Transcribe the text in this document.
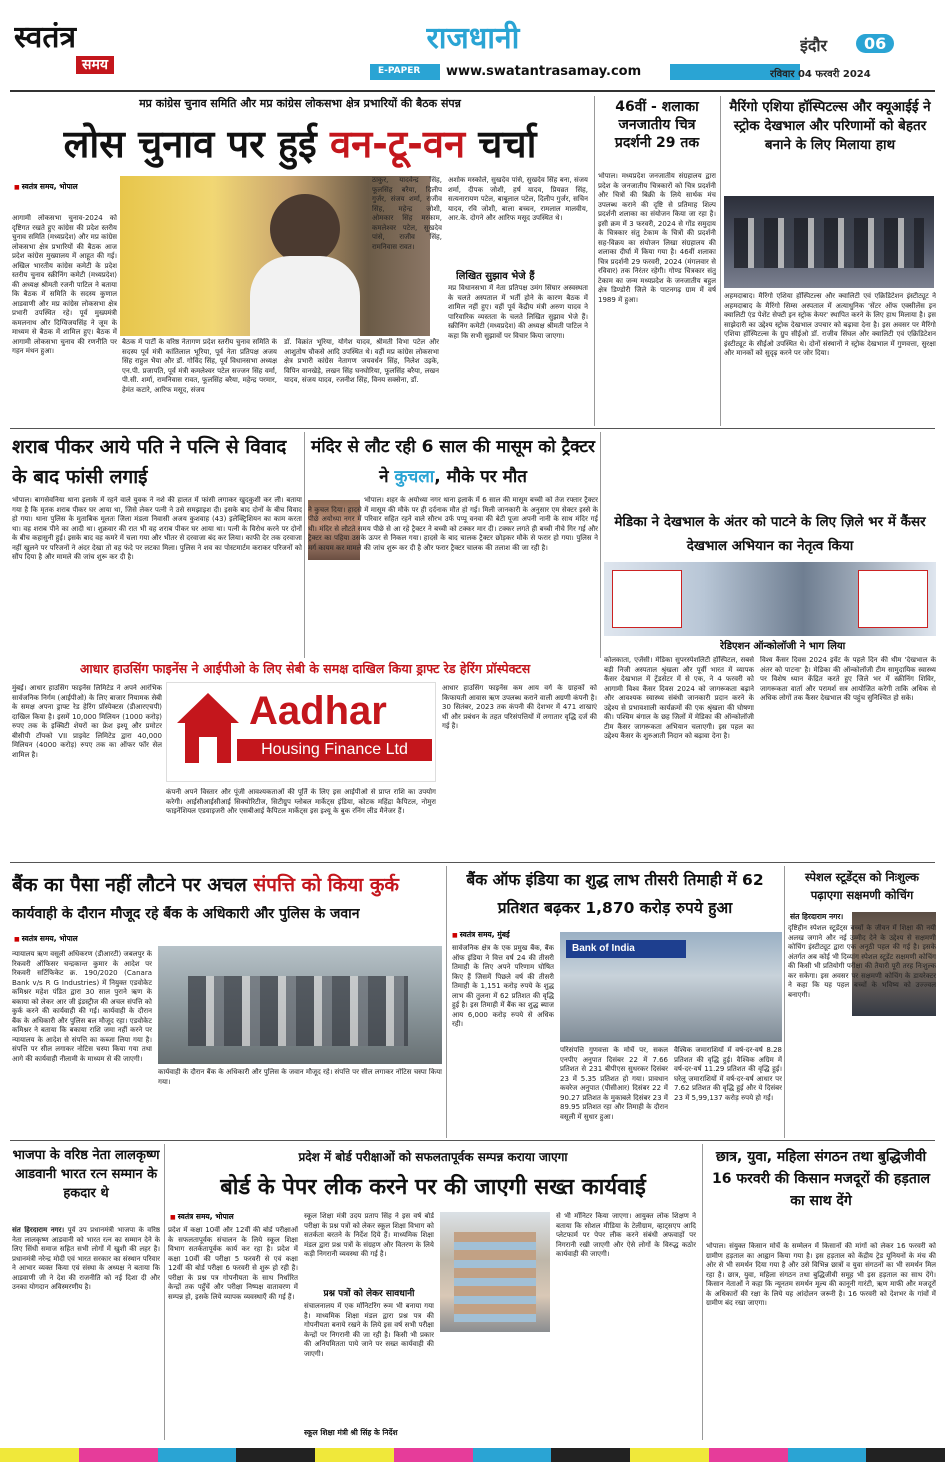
स्वतंत्र
समय
राजधानी
E-PAPER	www.swatantrasamay.com
इंदौर	06
रविवार 04 फरवरी 2024
मप्र कांग्रेस चुनाव समिति और मप्र कांग्रेस लोकसभा क्षेत्र प्रभारियों की बैठक संपन्न
लोस चुनाव पर हुई वन-टू-वन चर्चा
■ स्वतंत्र समय, भोपाल
आगामी लोकसभा चुनाव-2024 को दृष्टिगत रखते हुए कांग्रेस की प्रदेश स्तरीय चुनाव समिति (मध्यप्रदेश) और मप्र कांग्रेस लोकसभा क्षेत्र प्रभारियों की बैठक आज प्रदेश कांग्रेस मुख्यालय में आहूत की गई। अखिल भारतीय कांग्रेस कमेटी के प्रदेश स्तरीय चुनाव स्क्रीनिंग कमेटी (मध्यप्रदेश) की अध्यक्ष श्रीमती रजनी पाटिल ने बताया कि बैठक में समिति के सदस्य कुणाल आडवाणी और मप्र कांग्रेस लोकसभा क्षेत्र प्रभारी उपस्थित रहे। पूर्व मुख्यमंत्री कमलनाथ और दिग्विजयसिंह ने जूम के माध्यम से बैठक में शामिल हुए। बैठक में आगामी लोकसभा चुनाव की रणनीति पर गहन मंथन हुआ।
ठाकुर, यादवेन्द्र सिंह, फूलसिंह बरैया, दिलीप गुर्जर, संजय शर्मा, राजीव सिंह, महेन्द्र जोशी, ओमकार सिंह मरकाम, कमलेश्वर पटेल, सुखदेव पांसे, राजीव सिंह, रामनिवास रावत।
बैठक में पार्टी के वरिष्ठ नेतागण प्रदेश स्तरीय चुनाव समिति के सदस्य पूर्व मंत्री कांतिलाल भूरिया, पूर्व नेता प्रतिपक्ष अजय सिंह राहुल भैया और डॉ. गोविंद सिंह, पूर्व विधानसभा अध्यक्ष एन.पी. प्रजापति, पूर्व मंत्री कमलेश्वर पटेल सज्जन सिंह वर्मा, पी.सी. शर्मा, रामनिवास रावत, फूलसिंह बरैया, महेन्द्र परमार, हेमंत कटारे, आरिफ मसूद, संजय
डॉ. विक्रांत भूरिया, योगेश यादव, श्रीमती विभा पटेल और आशुतोष चौकसे आदि उपस्थित थे। वहीं मप्र कांग्रेस लोकसभा क्षेत्र प्रभारी कांग्रेस नेतागण जयवर्धन सिंह, निलेश उइके, विपिन वानखेड़े, लखन सिंह घनघोरिया, फूलसिंह बरैया, लखन यादव, संजय यादव, रजनीश सिंह, विनय सक्सेना, डॉ.
अशोक मस्कोले, सुखदेव पांसे, सुखदेव सिंह बना, संजय शर्मा, दीपक जोशी, हर्ष यादव, प्रियव्रत सिंह, सत्यनारायण पटेल, बाबूलाल पटेल, दिलीप गुर्जर, सचिन यादव, रवि जोशी, बाला बच्चन, रामलाल मालवीय, आर.के. दोगने और आरिफ मसूद उपस्थित थे।
लिखित सुझाव भेजे हैं
मप्र विधानसभा में नेता प्रतिपक्ष उमंग सिंघार अस्वस्थता के चलते अस्पताल में भर्ती होने के कारण बैठक में शामिल नहीं हुए। वहीं पूर्व केंद्रीय मंत्री अरुण यादव ने पारिवारिक व्यस्तता के चलते लिखित सुझाव भेजे हैं। स्क्रीनिंग कमेटी (मध्यप्रदेश) की अध्यक्ष श्रीमती पाटिल ने कहा कि सभी सुझावों पर विचार किया जाएगा।
46वीं - शलाका जनजातीय चित्र प्रदर्शनी 29 तक
भोपाल। मध्यप्रदेश जनजातीय संग्रहालय द्वारा प्रदेश के जनजातीय चित्रकारों को चित्र प्रदर्शनी और चित्रों की बिक्री के लिये सार्थक मंच उपलब्ध कराने की दृष्टि से प्रतिमाह शिल्प प्रदर्शनी शलाका का संयोजन किया जा रहा है। इसी क्रम में 3 फरवरी, 2024 से गोंड समुदाय के चित्रकार संतु टेकाम के चित्रों की प्रदर्शनी सह-विक्रय का संयोजन लिखा संग्रहालय की शलाका दीर्घा में किया गया है। 46वीं शलाका चित्र प्रदर्शनी 29 फरवरी, 2024 (मंगलवार से रविवार) तक निरंतर रहेगी। गोण्ड चित्रकार संतु टेकाम का जन्म मध्यप्रदेश के जनजातीय बहुल क्षेत्र डिण्डोरी जिले के पाटनगढ़ ग्राम में वर्ष 1989 में हुआ।
मैरिंगो एशिया हॉस्पिटल्स और क्यूआईई ने स्ट्रोक देखभाल और परिणामों को बेहतर बनाने के लिए मिलाया हाथ
अहमदाबाद। मैरिंगो एशिया हॉस्पिटल्स और क्वालिटी एवं एक्रिडिटेशन इंस्टीट्यूट ने अहमदाबाद के मैरिंगो सिम्स अस्पताल में अत्याधुनिक 'सेंटर ऑफ एक्सीलेंस इन क्वालिटी एंड पेशेंट सेफ्टी इन स्ट्रोक केयर' स्थापित करने के लिए हाथ मिलाया है। इस साझेदारी का उद्देश्य स्ट्रोक देखभाल उपचार को बढ़ावा देना है। इस अवसर पर मैरिंगो एशिया हॉस्पिटल्स के ग्रुप सीईओ डॉ. राजीव सिंघल और क्वालिटी एवं एक्रिडिटेशन इंस्टीट्यूट के सीईओ उपस्थित थे। दोनों संस्थानों ने स्ट्रोक देखभाल में गुणवत्ता, सुरक्षा और मानकों को सुदृढ़ करने पर जोर दिया।
शराब पीकर आये पति ने पत्नि से विवाद के बाद फांसी लगाई
भोपाल। बागसेवनिया थाना इलाके में रहने वाले युवक ने नशे की हालत में फांसी लगाकर खुदकुशी कर ली। बताया गया है कि मृतक शराब पीकर घर आया था, जिसे लेकर पत्नी ने उसे समझाइश दी। इसके बाद दोनों के बीच विवाद हो गया। थाना पुलिस के मुताबिक मूलतः जिला मंडला निवासी अजय कुशवाह (43) इलेक्ट्रिशियन का काम करता था। वह शराब पीने का आदी था। शुक्रवार की रात भी वह शराब पीकर घर आया था। पत्नी के विरोध करने पर दोनों के बीच कहासुनी हुई। इसके बाद वह कमरे में चला गया और भीतर से दरवाजा बंद कर लिया। काफी देर तक दरवाजा नहीं खुलने पर परिजनों ने अंदर देखा तो वह फंदे पर लटका मिला। पुलिस ने शव का पोस्टमार्टम कराकर परिजनों को सौंप दिया है और मामले की जांच शुरू कर दी है।
मंदिर से लौट रही 6 साल की मासूम को ट्रैक्टर ने कुचला, मौके पर मौत
भोपाल। शहर के अयोध्या नगर थाना इलाके में 6 साल की मासूम बच्ची को तेज रफ्तार ट्रैक्टर ने कुचल दिया। हादसे में मासूम की मौके पर ही दर्दनाक मौत हो गई। मिली जानकारी के अनुसार एम सेक्टर इस्से के पीछे अयोध्या नगर में परिवार सहित रहने वाले सौरभ उर्फ पप्पू वनवा की बेटी पूजा अपनी नानी के साथ मंदिर गई थी। मंदिर से लौटते समय पीछे से आ रहे ट्रैक्टर ने बच्ची को टक्कर मार दी। टक्कर लगते ही बच्ची नीचे गिर गई और ट्रैक्टर का पहिया उसके ऊपर से निकल गया। हादसे के बाद चालक ट्रैक्टर छोड़कर मौके से फरार हो गया। पुलिस ने मर्ग कायम कर मामले की जांच शुरू कर दी है और फरार ट्रैक्टर चालक की तलाश की जा रही है।
मेडिका ने देखभाल के अंतर को पाटने के लिए ज़िले भर में कैंसर देखभाल अभियान का नेतृत्व किया
रेडिएशन ऑन्कोलॉजी ने भाग लिया
कोलकाता, एजेंसी। मेडिका सुपरस्पेशलिटी हॉस्पिटल, सबसे बड़ी निजी अस्पताल श्रृंखला और पूर्वी भारत में व्यापक कैंसर देखभाल में ट्रेंडसेटर में से एक, ने 4 फरवरी को आगामी विश्व कैंसर दिवस 2024 को जागरूकता बढ़ाने और आवश्यक स्वास्थ्य संबंधी जानकारी प्रदान करने के उद्देश्य से प्रभावशाली कार्यक्रमों की एक श्रृंखला की घोषणा की। पश्चिम बंगाल के छह जिलों में मेडिका की ऑन्कोलॉजी टीम कैंसर जागरूकता अभियान चलाएगी। इस पहल का उद्देश्य कैंसर के शुरुआती निदान को बढ़ावा देना है।
विश्व कैंसर दिवस 2024 इवेंट के पहले दिन की थीम 'देखभाल के अंतर को पाटना' है। मेडिका की ऑन्कोलॉजी टीम सामुदायिक स्वास्थ्य पर विशेष ध्यान केंद्रित करते हुए जिले भर में स्क्रीनिंग शिविर, जागरूकता वार्ता और परामर्श सत्र आयोजित करेगी ताकि अधिक से अधिक लोगों तक कैंसर देखभाल की पहुंच सुनिश्चित हो सके।
आधार हाउसिंग फाइनेंस ने आईपीओ के लिए सेबी के समक्ष दाखिल किया ड्राफ्ट रेड हेरिंग प्रॉस्पेक्टस
मुंबई। आधार हाउसिंग फाइनेंस लिमिटेड ने अपने आरंभिक सार्वजनिक निर्गम (आईपीओ) के लिए बाजार नियामक सेबी के समक्ष अपना ड्राफ्ट रेड हेरिंग प्रॉस्पेक्टस (डीआरएचपी) दाखिल किया है। इसमें 10,000 मिलियन (1000 करोड़) रुपए तक के इक्विटी शेयरों का फ्रेश इश्यू और प्रमोटर बीसीपी टॉपको VII प्राइवेट लिमिटेड द्वारा 40,000 मिलियन (4000 करोड़) रुपए तक का ऑफर फॉर सेल शामिल है।
Aadhar
Housing Finance Ltd
कंपनी अपने विस्तार और पूंजी आवश्यकताओं की पूर्ति के लिए इस आईपीओ से प्राप्त राशि का उपयोग करेगी। आईसीआईसीआई सिक्योरिटीज, सिटीग्रुप ग्लोबल मार्केट्स इंडिया, कोटक महिंद्रा कैपिटल, नोमुरा फाइनेंशियल एडवाइजरी और एसबीआई कैपिटल मार्केट्स इस इश्यू के बुक रनिंग लीड मैनेजर हैं।
आधार हाउसिंग फाइनेंस कम आय वर्ग के ग्राहकों को किफायती आवास ऋण उपलब्ध कराने वाली अग्रणी कंपनी है। 30 सितंबर, 2023 तक कंपनी की देशभर में 471 शाखाएं थीं और प्रबंधन के तहत परिसंपत्तियों में लगातार वृद्धि दर्ज की गई है।
बैंक का पैसा नहीं लौटने पर अचल संपत्ति को किया कुर्क
कार्यवाही के दौरान मौजूद रहे बैंक के अधिकारी और पुलिस के जवान
■ स्वतंत्र समय, भोपाल
न्यायालय ऋण वसूली अधिकरण (डीआरटी) जबलपुर के रिकवरी ऑफिसर चन्द्रकान्त कुमार के आदेश पर रिकवरी सर्टिफिकेट क्र. 190/2020 (Canara Bank v/s R G Industries) में नियुक्त एडवोकेट कमिश्नर महेश पंडित द्वारा 30 साल पुराने ऋण के बकाया को लेकर आर जी इंडस्ट्रीज की अचल संपत्ति को कुर्क करने की कार्यवाही की गई। कार्यवाही के दौरान बैंक के अधिकारी और पुलिस बल मौजूद रहा। एडवोकेट कमिश्नर ने बताया कि बकाया राशि जमा नहीं करने पर न्यायालय के आदेश से संपत्ति का कब्जा लिया गया है। संपत्ति पर सील लगाकर नोटिस चस्पा किया गया तथा आगे की कार्यवाही नीलामी के माध्यम से की जाएगी।
कार्यवाही के दौरान बैंक के अधिकारी और पुलिस के जवान मौजूद रहे। संपत्ति पर सील लगाकर नोटिस चस्पा किया गया।
बैंक ऑफ इंडिया का शुद्ध लाभ तीसरी तिमाही में 62 प्रतिशत बढ़कर 1,870 करोड़ रुपये हुआ
■ स्वतंत्र समय, मुंबई
सार्वजनिक क्षेत्र के एक प्रमुख बैंक, बैंक ऑफ इंडिया ने वित्त वर्ष 24 की तीसरी तिमाही के लिए अपने परिणाम घोषित किए हैं जिसमें पिछले वर्ष की तीसरी तिमाही के 1,151 करोड़ रुपये के शुद्ध लाभ की तुलना में 62 प्रतिशत की वृद्धि हुई है। इस तिमाही में बैंक का शुद्ध ब्याज आय 6,000 करोड़ रुपये से अधिक रही।
Bank of India
परिसंपत्ति गुणवत्ता के मोर्चे पर, सकल एनपीए अनुपात दिसंबर 22 में 7.66 प्रतिशत से 231 बीपीएस सुधरकर दिसंबर 23 में 5.35 प्रतिशत हो गया। प्रावधान कवरेज अनुपात (पीसीआर) दिसंबर 22 में 90.27 प्रतिशत के मुकाबले दिसंबर 23 में 89.95 प्रतिशत रहा और तिमाही के दौरान वसूली में सुधार हुआ।
वैश्विक जमाराशियों में वर्ष-दर-वर्ष 8.28 प्रतिशत की वृद्धि हुई। वैश्विक अग्रिम में वर्ष-दर-वर्ष 11.29 प्रतिशत की वृद्धि हुई। घरेलू जमाराशियों में वर्ष-दर-वर्ष आधार पर 7.62 प्रतिशत की वृद्धि हुई और ये दिसंबर 23 में 5,99,137 करोड़ रुपये हो गईं।
स्पेशल स्टूडेंट्स को निःशुल्क पढ़ाएगा सक्षमणी कोचिंग
संत हिरदाराम नगर।
दृष्टिहीन स्पेशल स्टूडेंट्स बच्चों के जीवन में शिक्षा की नयी अलख जगाने और नई उम्मीद देने के उद्देश्य से सक्षमणी कोचिंग इंस्टीट्यूट द्वारा एक अनूठी पहल की गई है। इसके अंतर्गत अब कोई भी दिव्यांग स्पेशल स्टूडेंट सक्षमणी कोचिंग की किसी भी प्रतियोगी परीक्षा की तैयारी पूरी तरह निःशुल्क कर सकेगा। इस अवसर पर सक्षमणी कोचिंग के डायरेक्टर ने कहा कि यह पहल बच्चों के भविष्य को उज्ज्वल बनाएगी।
भाजपा के वरिष्ठ नेता लालकृष्ण आडवानी भारत रत्न सम्मान के हकदार थे
संत हिरदाराम नगर। पूर्व उप प्रधानमंत्री भाजपा के वरिष्ठ नेता लालकृष्ण आडवानी को भारत रत्न का सम्मान देने के लिए सिंधी समाज सहित सभी लोगों में खुशी की लहर है। प्रधानमंत्री नरेन्द्र मोदी एवं भारत सरकार का संस्थान परिवार ने आभार व्यक्त किया एवं संस्था के अध्यक्ष ने बताया कि आडवाणी जी ने देश की राजनीति को नई दिशा दी और उनका योगदान अविस्मरणीय है।
प्रदेश में बोर्ड परीक्षाओं को सफलतापूर्वक सम्पन्न कराया जाएगा
बोर्ड के पेपर लीक करने पर की जाएगी सख्त कार्यवाई
■ स्वतंत्र समय, भोपाल
प्रदेश में कक्षा 10वीं और 12वीं की बोर्ड परीक्षाओं के सफलतापूर्वक संचालन के लिये स्कूल शिक्षा विभाग सतर्कतापूर्वक कार्य कर रहा है। प्रदेश में कक्षा 10वीं की परीक्षा 5 फरवरी से एवं कक्षा 12वीं की बोर्ड परीक्षा 6 फरवरी से शुरू हो रही है। परीक्षा के प्रश्न पत्र गोपनीयता के साथ निर्धारित केन्द्रों तक पहुँचें और परीक्षा निष्पक्ष वातावरण में सम्पन्न हो, इसके लिये व्यापक व्यवस्थाएँ की गई हैं।
स्कूल शिक्षा मंत्री उदय प्रताप सिंह ने इस वर्ष बोर्ड परीक्षा के प्रश्न पत्रों को लेकर स्कूल शिक्षा विभाग को सतर्कता बरतने के निर्देश दिये हैं। माध्यमिक शिक्षा मंडल द्वारा प्रश्न पत्रों के संग्रहण और वितरण के लिये कड़ी निगरानी व्यवस्था की गई है।
प्रश्न पत्रों को लेकर सावधानी
संचालनालय में एक मॉनिटरिंग रूम भी बनाया गया है। माध्यमिक शिक्षा मंडल द्वारा प्रश्न पत्र की गोपनीयता बनाये रखने के लिये इस वर्ष सभी परीक्षा केन्द्रों पर निगरानी की जा रही है। किसी भी प्रकार की अनियमितता पाये जाने पर सख्त कार्यवाही की जाएगी।
स्कूल शिक्षा मंत्री श्री सिंह के निर्देश
से भी मॉनिटर किया जाएगा। आयुक्त लोक शिक्षण ने बताया कि सोशल मीडिया के टेलीग्राम, व्हाट्सएप आदि प्लेटफार्म पर पेपर लीक करने संबंधी अफवाहों पर निगरानी रखी जाएगी और ऐसे लोगों के विरुद्ध कठोर कार्यवाही की जाएगी।
छात्र, युवा, महिला संगठन तथा बुद्धिजीवी 16 फरवरी की किसान मजदूरों की हड़ताल का साथ देंगे
भोपाल। संयुक्त किसान मोर्चे के सम्मेलन में किसानों की मांगों को लेकर 16 फरवरी को ग्रामीण हड़ताल का आह्वान किया गया है। इस हड़ताल को केंद्रीय ट्रेड यूनियनों के मंच की ओर से भी समर्थन दिया गया है और उसे विभिन्न छात्रों व युवा संगठनों का भी समर्थन मिल रहा है। छात्र, युवा, महिला संगठन तथा बुद्धिजीवी समूह भी इस हड़ताल का साथ देंगे। किसान नेताओं ने कहा कि न्यूनतम समर्थन मूल्य की कानूनी गारंटी, ऋण माफी और मजदूरों के अधिकारों की रक्षा के लिये यह आंदोलन जरूरी है। 16 फरवरी को देशभर के गांवों में ग्रामीण बंद रखा जाएगा।
